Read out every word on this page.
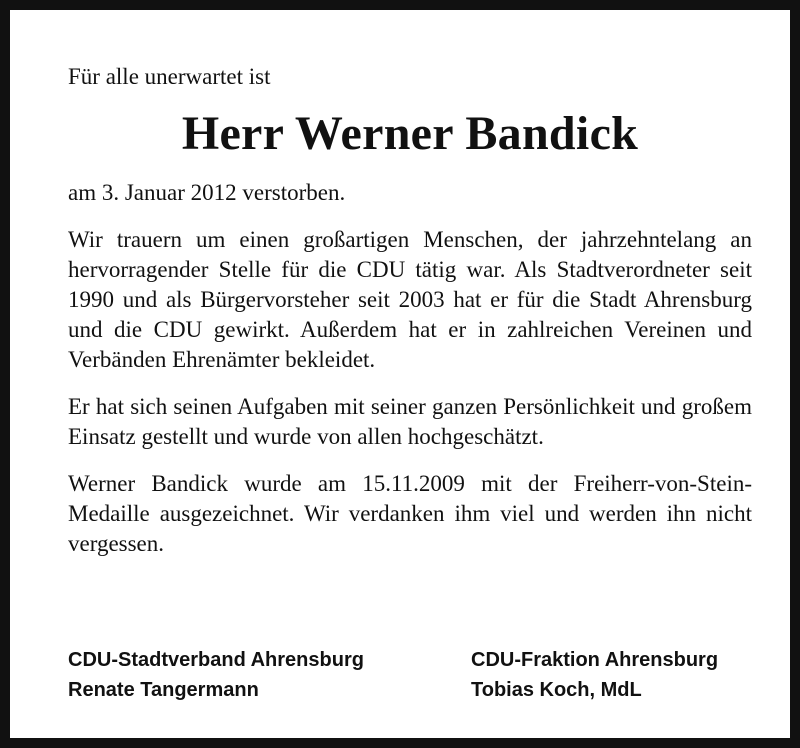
Für alle unerwartet ist

Herr Werner Bandick

am 3. Januar 2012 verstorben.

Wir trauern um einen großartigen Menschen, der jahrzehntelang an hervorragender Stelle für die CDU tätig war. Als Stadtverordneter seit 1990 und als Bürgervorsteher seit 2003 hat er für die Stadt Ahrensburg und die CDU gewirkt. Außerdem hat er in zahlreichen Vereinen und Verbänden Ehrenämter bekleidet.

Er hat sich seinen Aufgaben mit seiner ganzen Persönlichkeit und großem Einsatz gestellt und wurde von allen hochgeschätzt.

Werner Bandick wurde am 15.11.2009 mit der Freiherr-von-Stein-Medaille ausgezeichnet. Wir verdanken ihm viel und werden ihn nicht vergessen.

CDU-Stadtverband Ahrensburg
Renate Tangermann
CDU-Fraktion Ahrensburg
Tobias Koch, MdL
